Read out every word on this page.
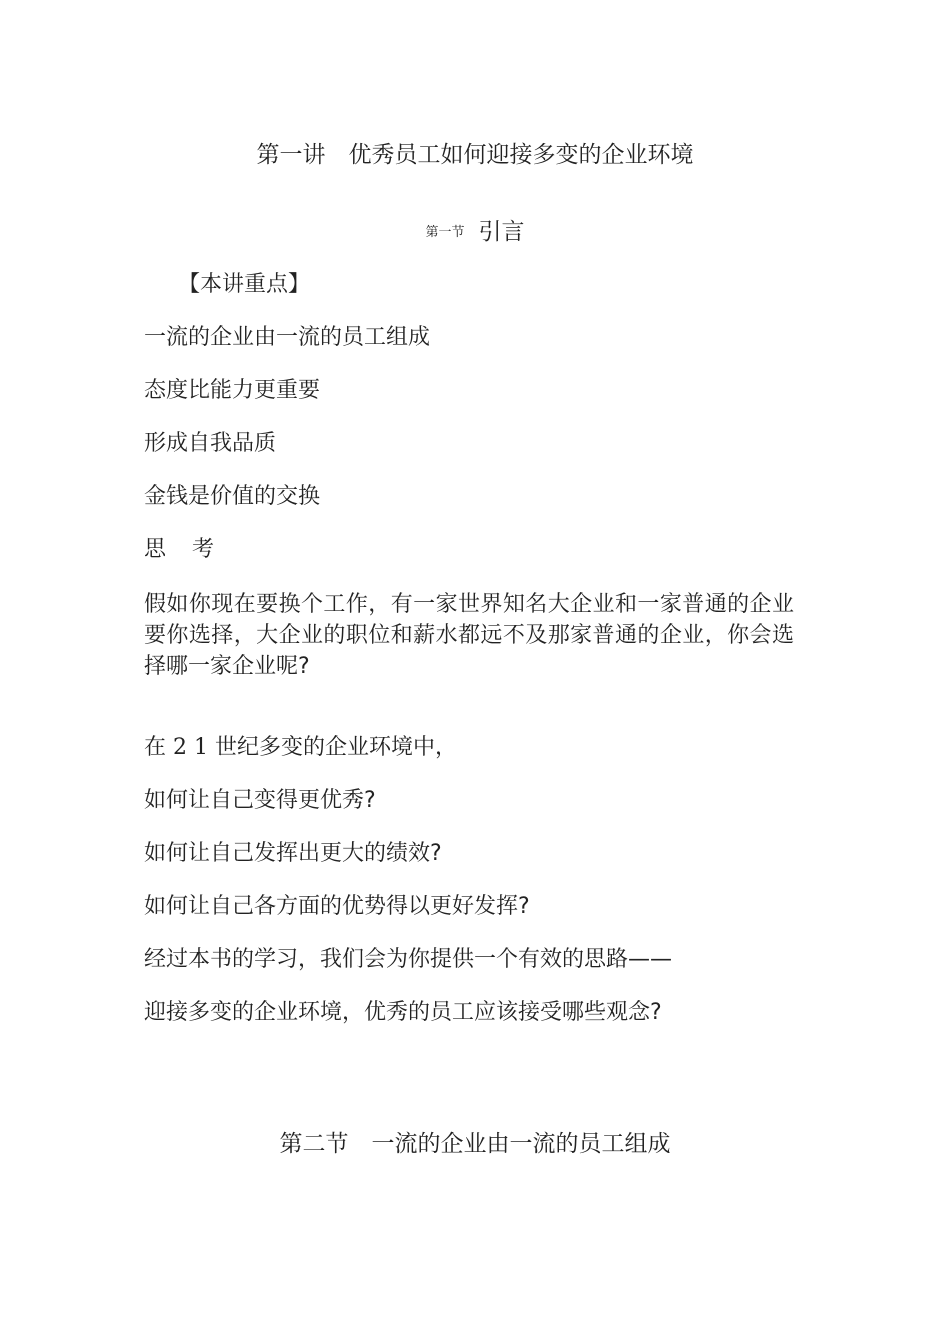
第一讲　优秀员工如何迎接多变的企业环境
第一节 引言
【本讲重点】
一流的企业由一流的员工组成
态度比能力更重要
形成自我品质
金钱是价值的交换
思考
假如你现在要换个工作，有一家世界知名大企业和一家普通的企业要你选择，大企业的职位和薪水都远不及那家普通的企业，你会选择哪一家企业呢?
在 2 1 世纪多变的企业环境中，
如何让自己变得更优秀?
如何让自己发挥出更大的绩效?
如何让自己各方面的优势得以更好发挥?
经过本书的学习，我们会为你提供一个有效的思路——
迎接多变的企业环境，优秀的员工应该接受哪些观念?
第二节　一流的企业由一流的员工组成
